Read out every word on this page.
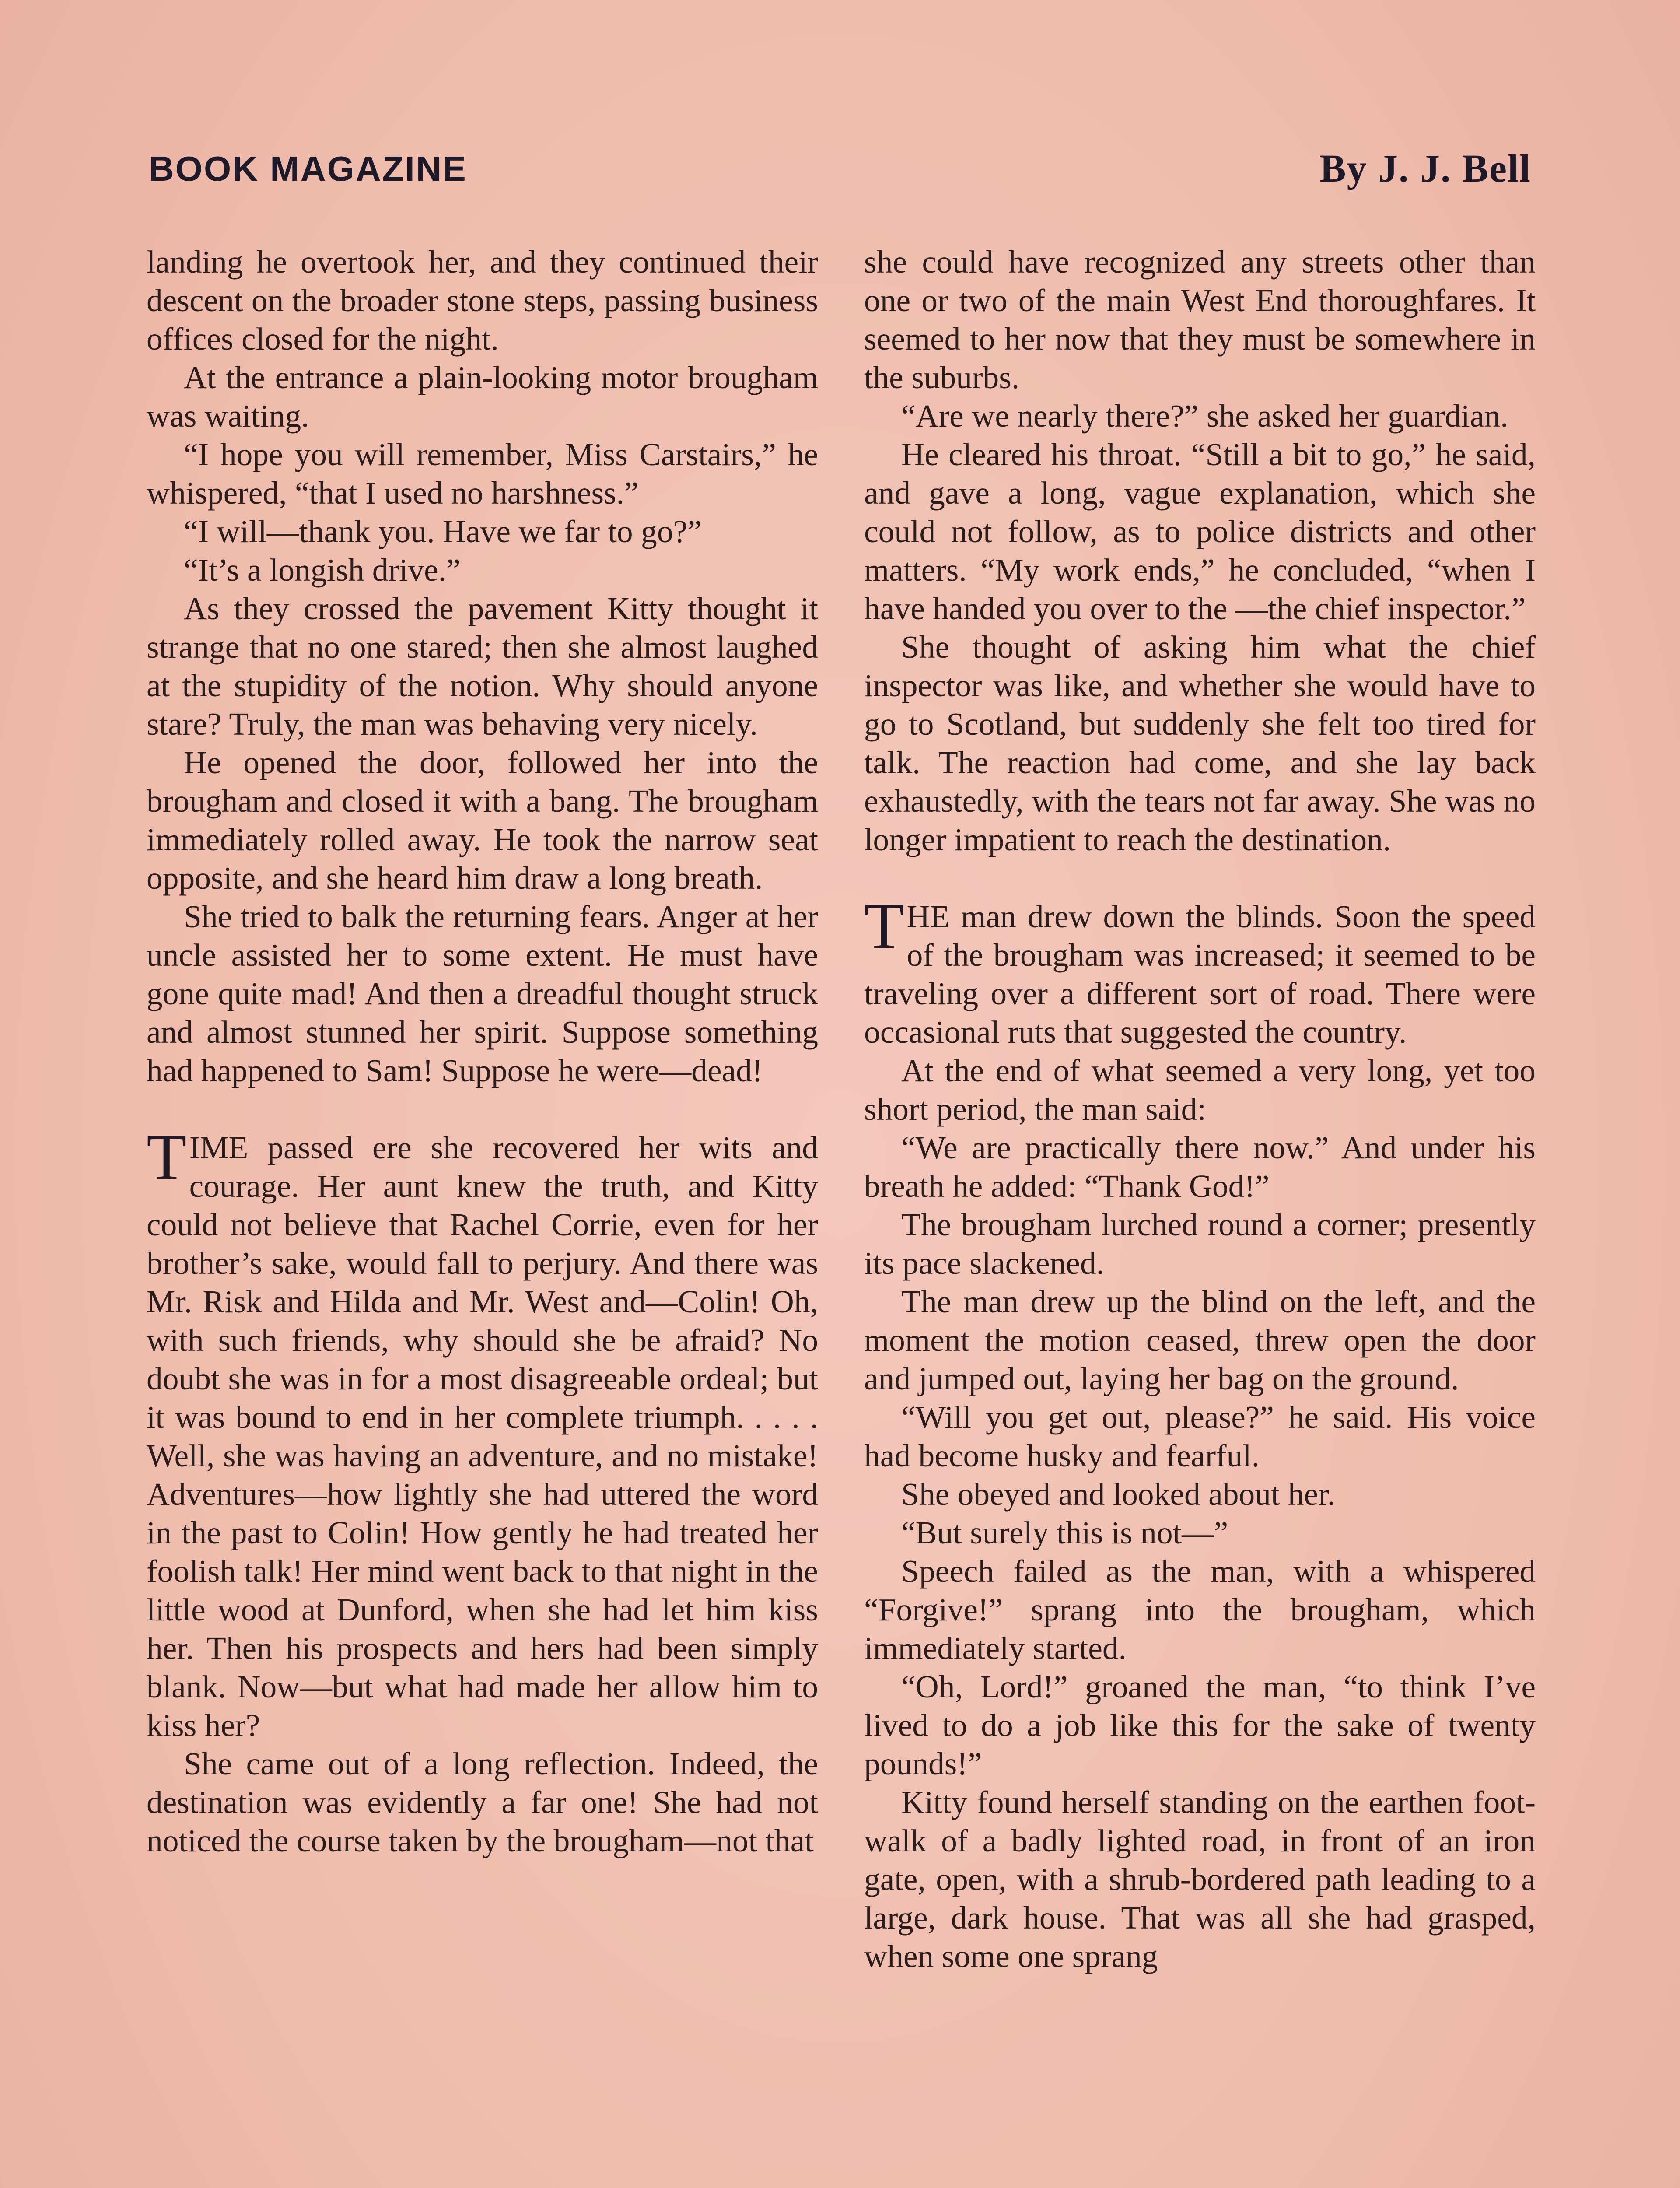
BOOK MAGAZINE	By J. J. Bell

landing he overtook her, and they continued their descent on the broader stone steps, passing business offices closed for the night.

At the entrance a plain-looking motor brougham was waiting.

“I hope you will remember, Miss Carstairs,” he whispered, “that I used no harshness.”

“I will—thank you. Have we far to go?”

“It’s a longish drive.”

As they crossed the pavement Kitty thought it strange that no one stared; then she almost laughed at the stupidity of the notion. Why should anyone stare? Truly, the man was behaving very nicely.

He opened the door, followed her into the brougham and closed it with a bang. The brougham immediately rolled away. He took the narrow seat opposite, and she heard him draw a long breath.

She tried to balk the returning fears. Anger at her uncle assisted her to some extent. He must have gone quite mad! And then a dreadful thought struck and almost stunned her spirit. Suppose something had happened to Sam! Suppose he were—dead!

TIME passed ere she recovered her wits and courage. Her aunt knew the truth, and Kitty could not believe that Rachel Corrie, even for her brother’s sake, would fall to perjury. And there was Mr. Risk and Hilda and Mr. West and—Colin! Oh, with such friends, why should she be afraid? No doubt she was in for a most disagreeable ordeal; but it was bound to end in her complete triumph. . . . . Well, she was having an adventure, and no mistake! Adventures—how lightly she had uttered the word in the past to Colin! How gently he had treated her foolish talk! Her mind went back to that night in the little wood at Dunford, when she had let him kiss her. Then his prospects and hers had been simply blank. Now—but what had made her allow him to kiss her?

She came out of a long reflection. Indeed, the destination was evidently a far one! She had not noticed the course taken by the brougham—not that

she could have recognized any streets other than one or two of the main West End thoroughfares. It seemed to her now that they must be somewhere in the suburbs.

“Are we nearly there?” she asked her guardian.

He cleared his throat. “Still a bit to go,” he said, and gave a long, vague explanation, which she could not follow, as to police districts and other matters. “My work ends,” he concluded, “when I have handed you over to the —the chief inspector.”

She thought of asking him what the chief inspector was like, and whether she would have to go to Scotland, but suddenly she felt too tired for talk. The reaction had come, and she lay back exhaustedly, with the tears not far away. She was no longer impatient to reach the destination.

THE man drew down the blinds. Soon the speed of the brougham was increased; it seemed to be traveling over a different sort of road. There were occasional ruts that suggested the country.

At the end of what seemed a very long, yet too short period, the man said:

“We are practically there now.” And under his breath he added: “Thank God!”

The brougham lurched round a corner; presently its pace slackened.

The man drew up the blind on the left, and the moment the motion ceased, threw open the door and jumped out, laying her bag on the ground.

“Will you get out, please?” he said. His voice had become husky and fearful.

She obeyed and looked about her.

“But surely this is not—”

Speech failed as the man, with a whispered “Forgive!” sprang into the brougham, which immediately started.

“Oh, Lord!” groaned the man, “to think I’ve lived to do a job like this for the sake of twenty pounds!”

Kitty found herself standing on the earthen foot-walk of a badly lighted road, in front of an iron gate, open, with a shrub-bordered path leading to a large, dark house. That was all she had grasped, when some one sprang
